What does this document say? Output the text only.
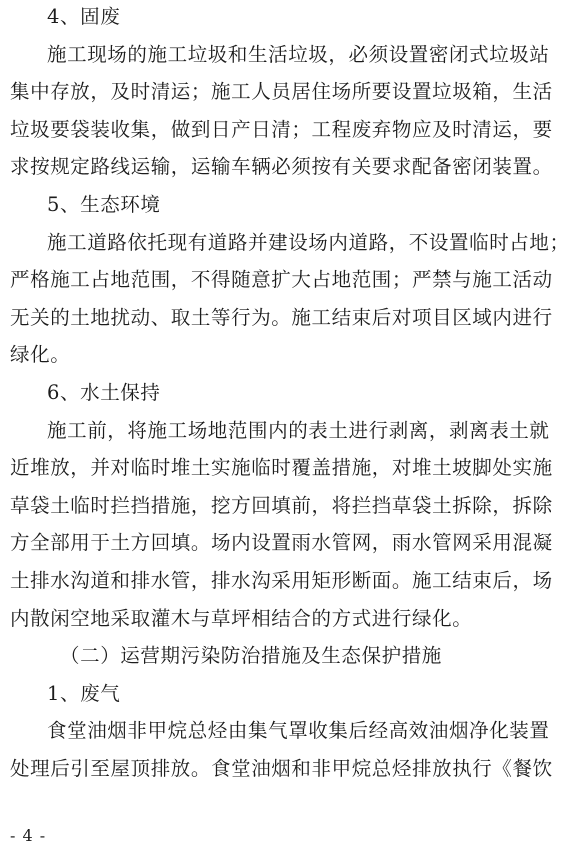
- 4 -
4、固废
施工现场的施工垃圾和生活垃圾，必须设置密闭式垃圾站
集中存放，及时清运；施工人员居住场所要设置垃圾箱，生活
垃圾要袋装收集，做到日产日清；工程废弃物应及时清运，要
求按规定路线运输，运输车辆必须按有关要求配备密闭装置。
5、生态环境
施工道路依托现有道路并建设场内道路，不设置临时占地；
严格施工占地范围，不得随意扩大占地范围；严禁与施工活动
无关的土地扰动、取土等行为。施工结束后对项目区域内进行
绿化。
6、水土保持
施工前，将施工场地范围内的表土进行剥离，剥离表土就
近堆放，并对临时堆土实施临时覆盖措施，对堆土坡脚处实施
草袋土临时拦挡措施，挖方回填前，将拦挡草袋土拆除，拆除
方全部用于土方回填。场内设置雨水管网，雨水管网采用混凝
土排水沟道和排水管，排水沟采用矩形断面。施工结束后，场
内散闲空地采取灌木与草坪相结合的方式进行绿化。
（二）运营期污染防治措施及生态保护措施
1、废气
食堂油烟非甲烷总烃由集气罩收集后经高效油烟净化装置
处理后引至屋顶排放。食堂油烟和非甲烷总烃排放执行《餐饮
